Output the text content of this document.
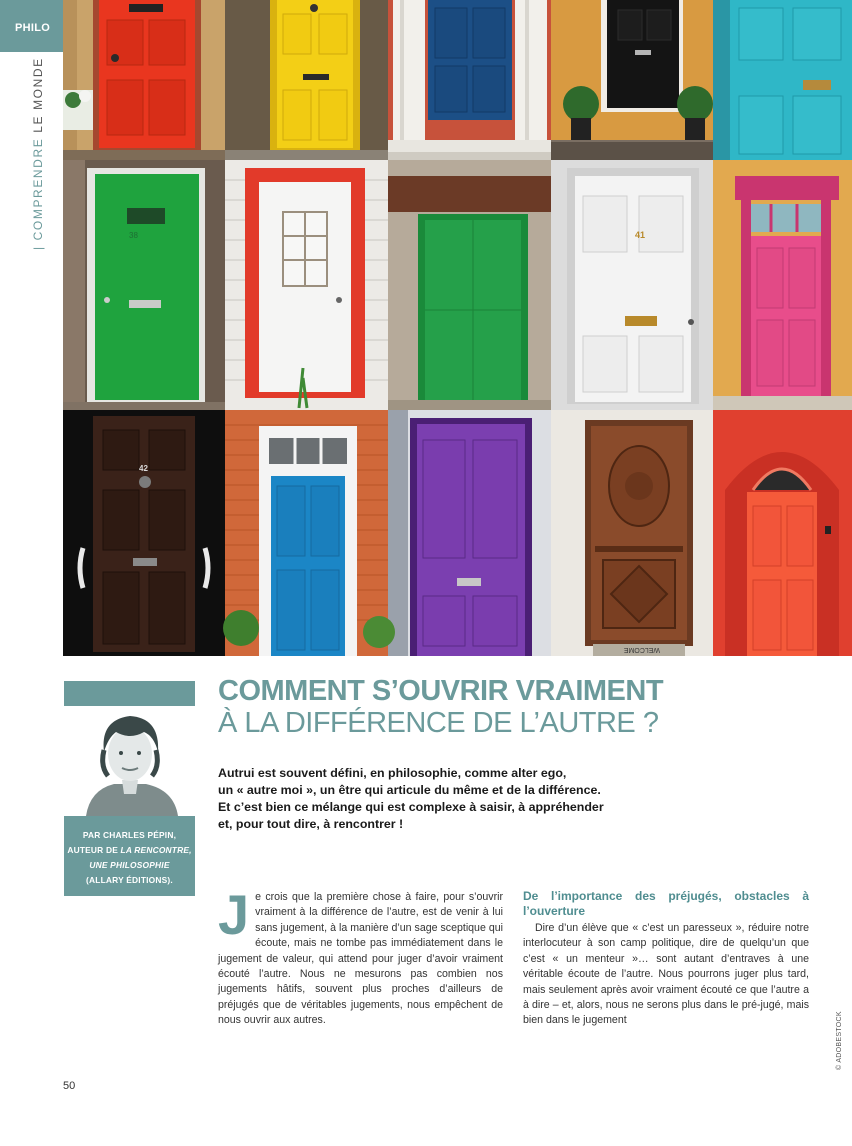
PHILO
| COMPRENDRE LE MONDE |
41
42
WELCOME
38
PAR CHARLES PÉPIN,
AUTEUR DE LA RENCONTRE,
UNE PHILOSOPHIE
(ALLARY ÉDITIONS).
COMMENT S’OUVRIR VRAIMENT
À LA DIFFÉRENCE DE L’AUTRE ?

Autrui est souvent défini, en philosophie, comme alter ego,

un « autre moi », un être qui articule du même et de la différence.

Et c’est bien ce mélange qui est complexe à saisir, à appréhender

et, pour tout dire, à rencontrer !

J e crois que la première chose à faire, pour s’ouvrir vraiment à la différence de l’autre, est de venir à lui sans jugement, à la manière d’un sage sceptique qui écoute, mais ne tombe pas immédiatement dans le jugement de valeur, qui attend pour juger d’avoir vraiment écouté l’autre. Nous ne mesurons pas combien nos jugements hâtifs, souvent plus proches d’ailleurs de préjugés que de véritables jugements, nous empêchent de nous ouvrir aux autres.
De l’importance des préjugés, obstacles à l’ouverture
Dire d’un élève que « c’est un paresseux », réduire notre interlocuteur à son camp politique, dire de quelqu’un que c’est « un menteur »… sont autant d’entraves à une véritable écoute de l’autre. Nous pourrons juger plus tard, mais seulement après avoir vraiment écouté ce que l’autre a à dire – et, alors, nous ne serons plus dans le pré-jugé, mais bien dans le jugement
50
© ADOBESTOCK
